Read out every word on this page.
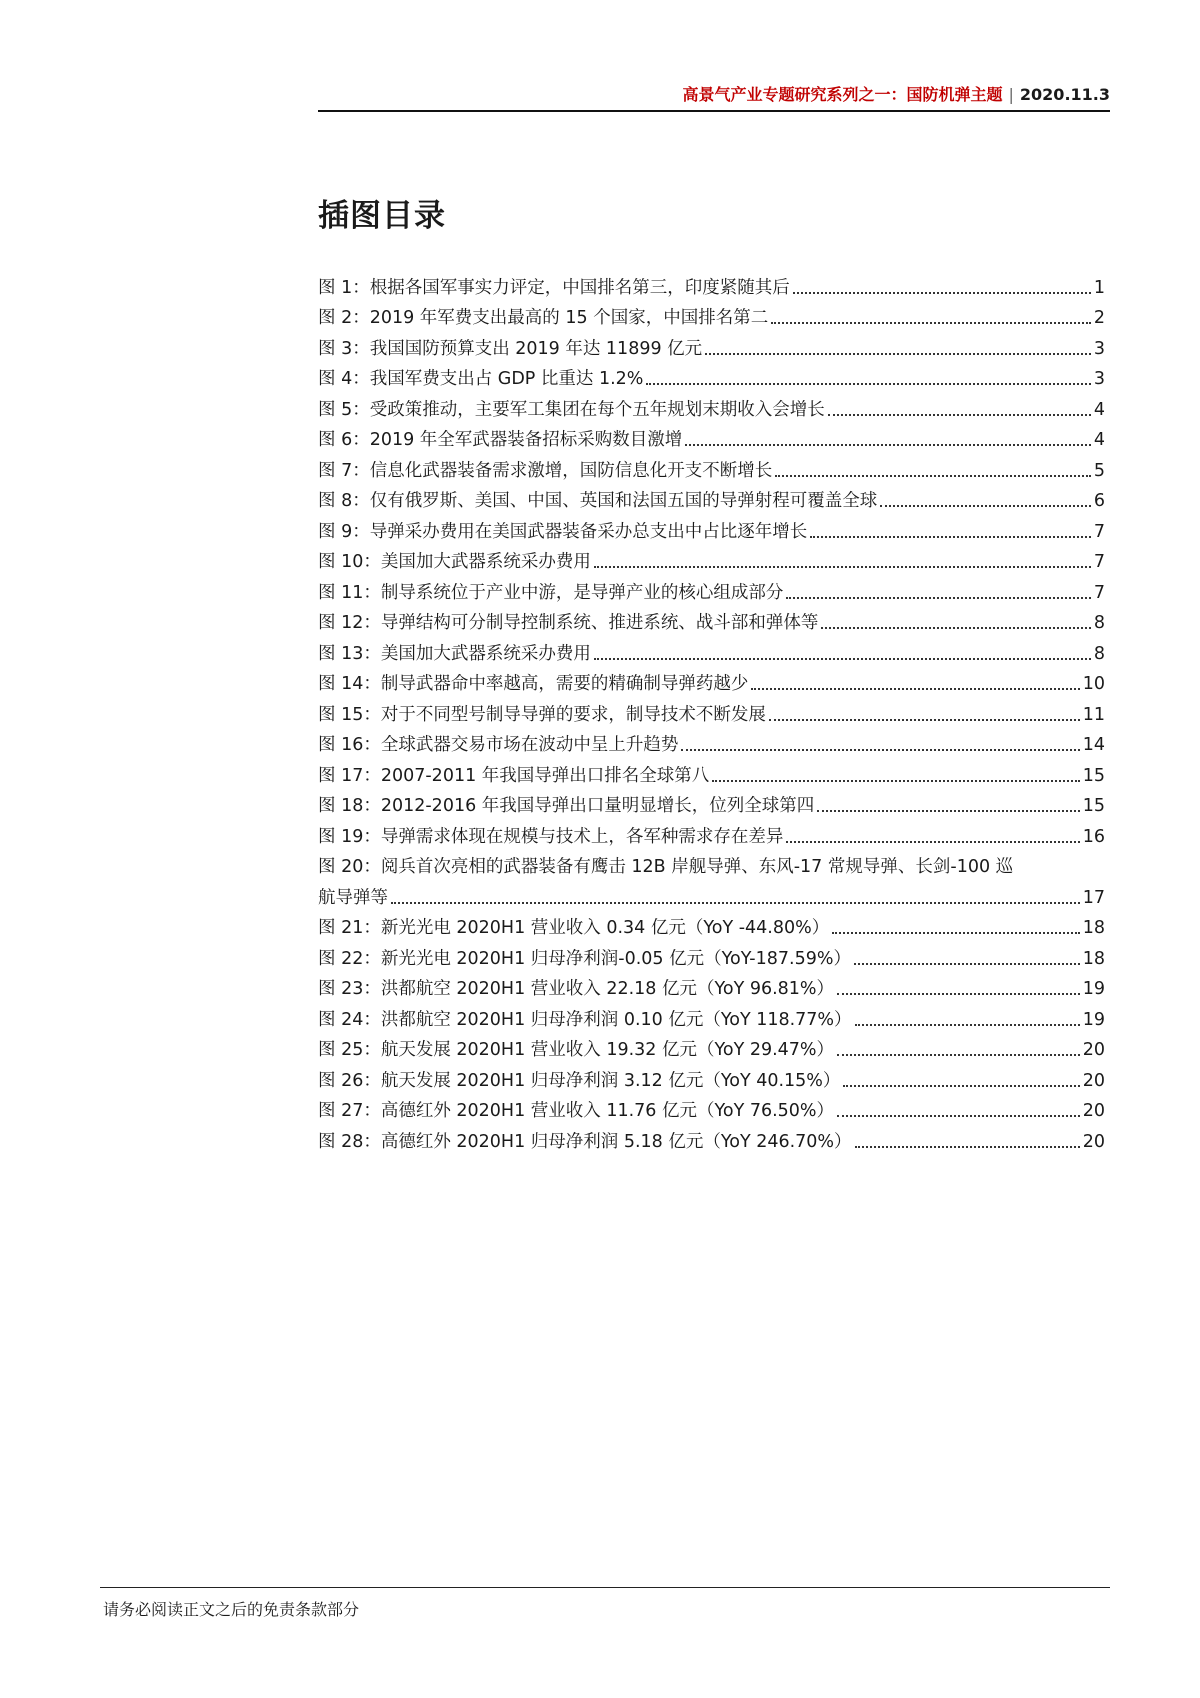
高景气产业专题研究系列之一：国防机弹主题 | 2020.11.3
插图目录
图 1：根据各国军事实力评定，中国排名第三，印度紧随其后	1
图 2：2019 年军费支出最高的 15 个国家，中国排名第二	2
图 3：我国国防预算支出 2019 年达 11899 亿元	3
图 4：我国军费支出占 GDP 比重达 1.2%	3
图 5：受政策推动，主要军工集团在每个五年规划末期收入会增长	4
图 6：2019 年全军武器装备招标采购数目激增	4
图 7：信息化武器装备需求激增，国防信息化开支不断增长	5
图 8：仅有俄罗斯、美国、中国、英国和法国五国的导弹射程可覆盖全球	6
图 9：导弹采办费用在美国武器装备采办总支出中占比逐年增长	7
图 10：美国加大武器系统采办费用	7
图 11：制导系统位于产业中游，是导弹产业的核心组成部分	7
图 12：导弹结构可分制导控制系统、推进系统、战斗部和弹体等	8
图 13：美国加大武器系统采办费用	8
图 14：制导武器命中率越高，需要的精确制导弹药越少	10
图 15：对于不同型号制导导弹的要求，制导技术不断发展	11
图 16：全球武器交易市场在波动中呈上升趋势	14
图 17：2007-2011 年我国导弹出口排名全球第八	15
图 18：2012-2016 年我国导弹出口量明显增长，位列全球第四	15
图 19：导弹需求体现在规模与技术上，各军种需求存在差异	16
图 20：阅兵首次亮相的武器装备有鹰击 12B 岸舰导弹、东风-17 常规导弹、长剑-100 巡
航导弹等	17
图 21：新光光电 2020H1 营业收入 0.34 亿元（YoY -44.80%）	18
图 22：新光光电 2020H1 归母净利润-0.05 亿元（YoY-187.59%）	18
图 23：洪都航空 2020H1 营业收入 22.18 亿元（YoY 96.81%）	19
图 24：洪都航空 2020H1 归母净利润 0.10 亿元（YoY 118.77%）	19
图 25：航天发展 2020H1 营业收入 19.32 亿元（YoY 29.47%）	20
图 26：航天发展 2020H1 归母净利润 3.12 亿元（YoY 40.15%）	20
图 27：高德红外 2020H1 营业收入 11.76 亿元（YoY 76.50%）	20
图 28：高德红外 2020H1 归母净利润 5.18 亿元（YoY 246.70%）	20
请务必阅读正文之后的免责条款部分
